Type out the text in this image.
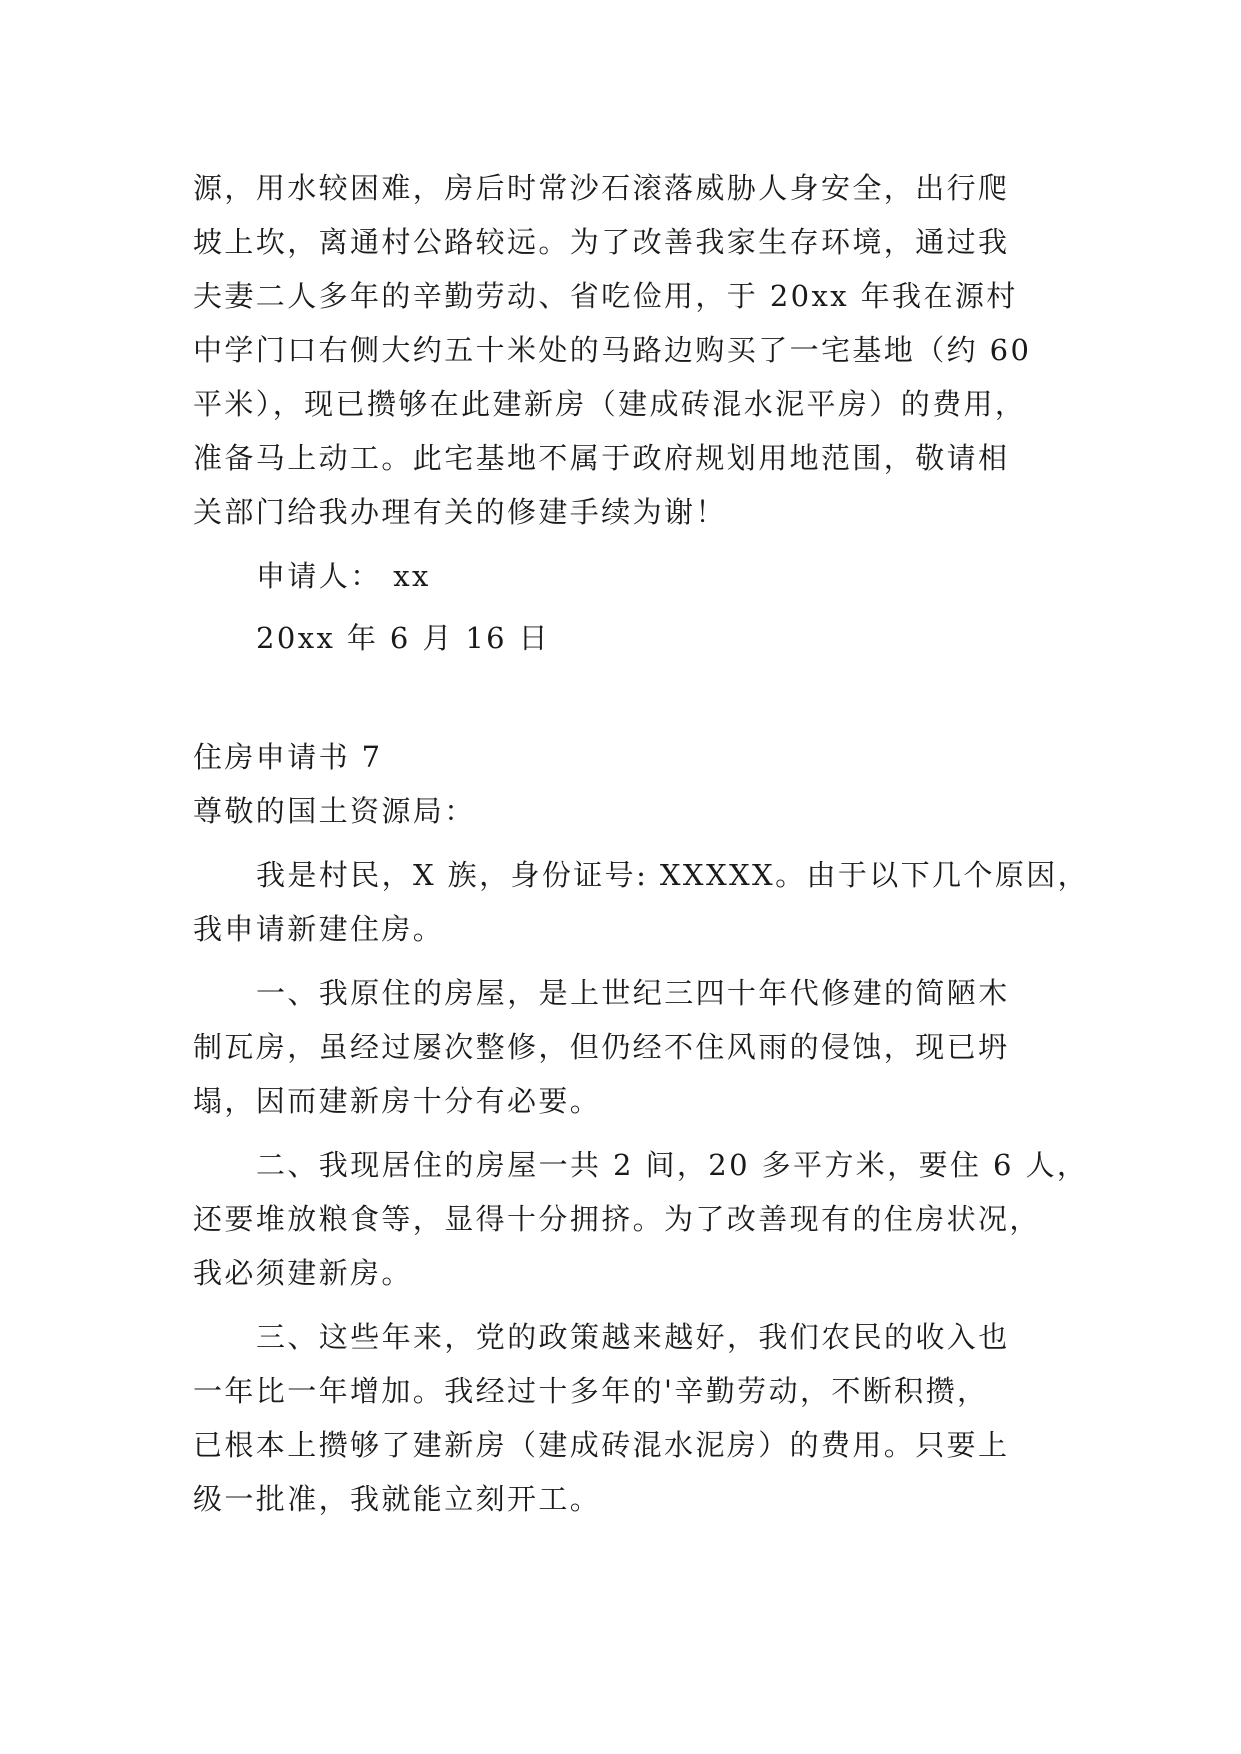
源，用水较困难，房后时常沙石滚落威胁人身安全，出行爬
坡上坎，离通村公路较远。为了改善我家生存环境，通过我
夫妻二人多年的辛勤劳动、省吃俭用，于 20xx 年我在源村
中学门口右侧大约五十米处的马路边购买了一宅基地（约 60
平米），现已攒够在此建新房（建成砖混水泥平房）的费用，
准备马上动工。此宅基地不属于政府规划用地范围，敬请相
关部门给我办理有关的修建手续为谢！
申请人： xx
20xx 年 6 月 16 日
住房申请书 7
尊敬的国土资源局：
我是村民，X 族，身份证号: XXXXX。由于以下几个原因，
我申请新建住房。
一、我原住的房屋，是上世纪三四十年代修建的简陋木
制瓦房，虽经过屡次整修，但仍经不住风雨的侵蚀，现已坍
塌，因而建新房十分有必要。
二、我现居住的房屋一共 2 间，20 多平方米，要住 6 人，
还要堆放粮食等，显得十分拥挤。为了改善现有的住房状况，
我必须建新房。
三、这些年来，党的政策越来越好，我们农民的收入也
一年比一年增加。我经过十多年的'辛勤劳动，不断积攒，
已根本上攒够了建新房（建成砖混水泥房）的费用。只要上
级一批准，我就能立刻开工。
